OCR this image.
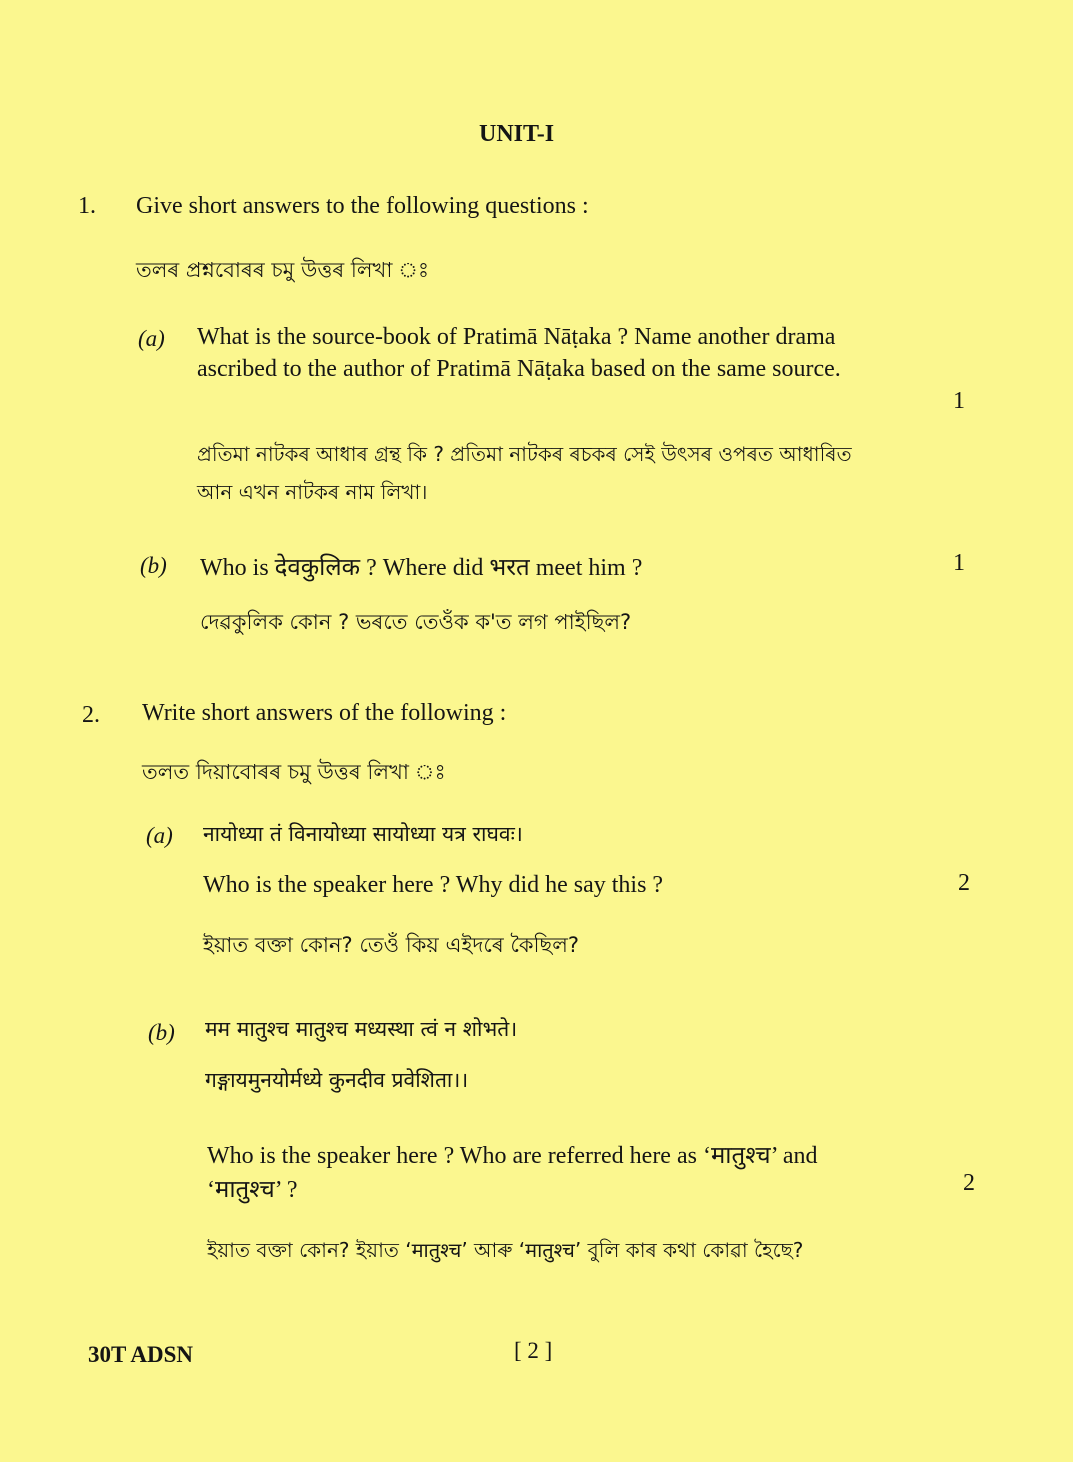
UNIT-I
1. Give short answers to the following questions :
তলৰ প্ৰশ্নবোৰৰ চমু উত্তৰ লিখা ঃ
(a) What is the source-book of Pratimā Nāṭaka ? Name another drama
ascribed to the author of Pratimā Nāṭaka based on the same source.
1
প্ৰতিমা নাটকৰ আধাৰ গ্ৰন্থ কি ? প্ৰতিমা নাটকৰ ৰচকৰ সেই উৎসৰ ওপৰত আধাৰিত
আন এখন নাটকৰ নাম লিখা।
(b) Who is देवकुलिक ? Where did भरत meet him ?	1
দেৱকুলিক কোন ? ভৰতে তেওঁক ক'ত লগ পাইছিল?
2. Write short answers of the following :
তলত দিয়াবোৰৰ চমু উত্তৰ লিখা ঃ
(a) नायोध्या तं विनायोध्या सायोध्या यत्र राघवः।
Who is the speaker here ? Why did he say this ?	2
ইয়াত বক্তা কোন? তেওঁ কিয় এইদৰে কৈছিল?
(b) मम मातुश्च मातुश्च मध्यस्था त्वं न शोभते।
गङ्गायमुनयोर्मध्ये कुनदीव प्रवेशिता।।
Who is the speaker here ? Who are referred here as ‘मातुश्च’ and
‘मातुश्च’ ?	2
ইয়াত বক্তা কোন? ইয়াত ‘मातुश्च’ আৰু ‘मातुश्च’ বুলি কাৰ কথা কোৱা হৈছে?
30T ADSN	[ 2 ]
